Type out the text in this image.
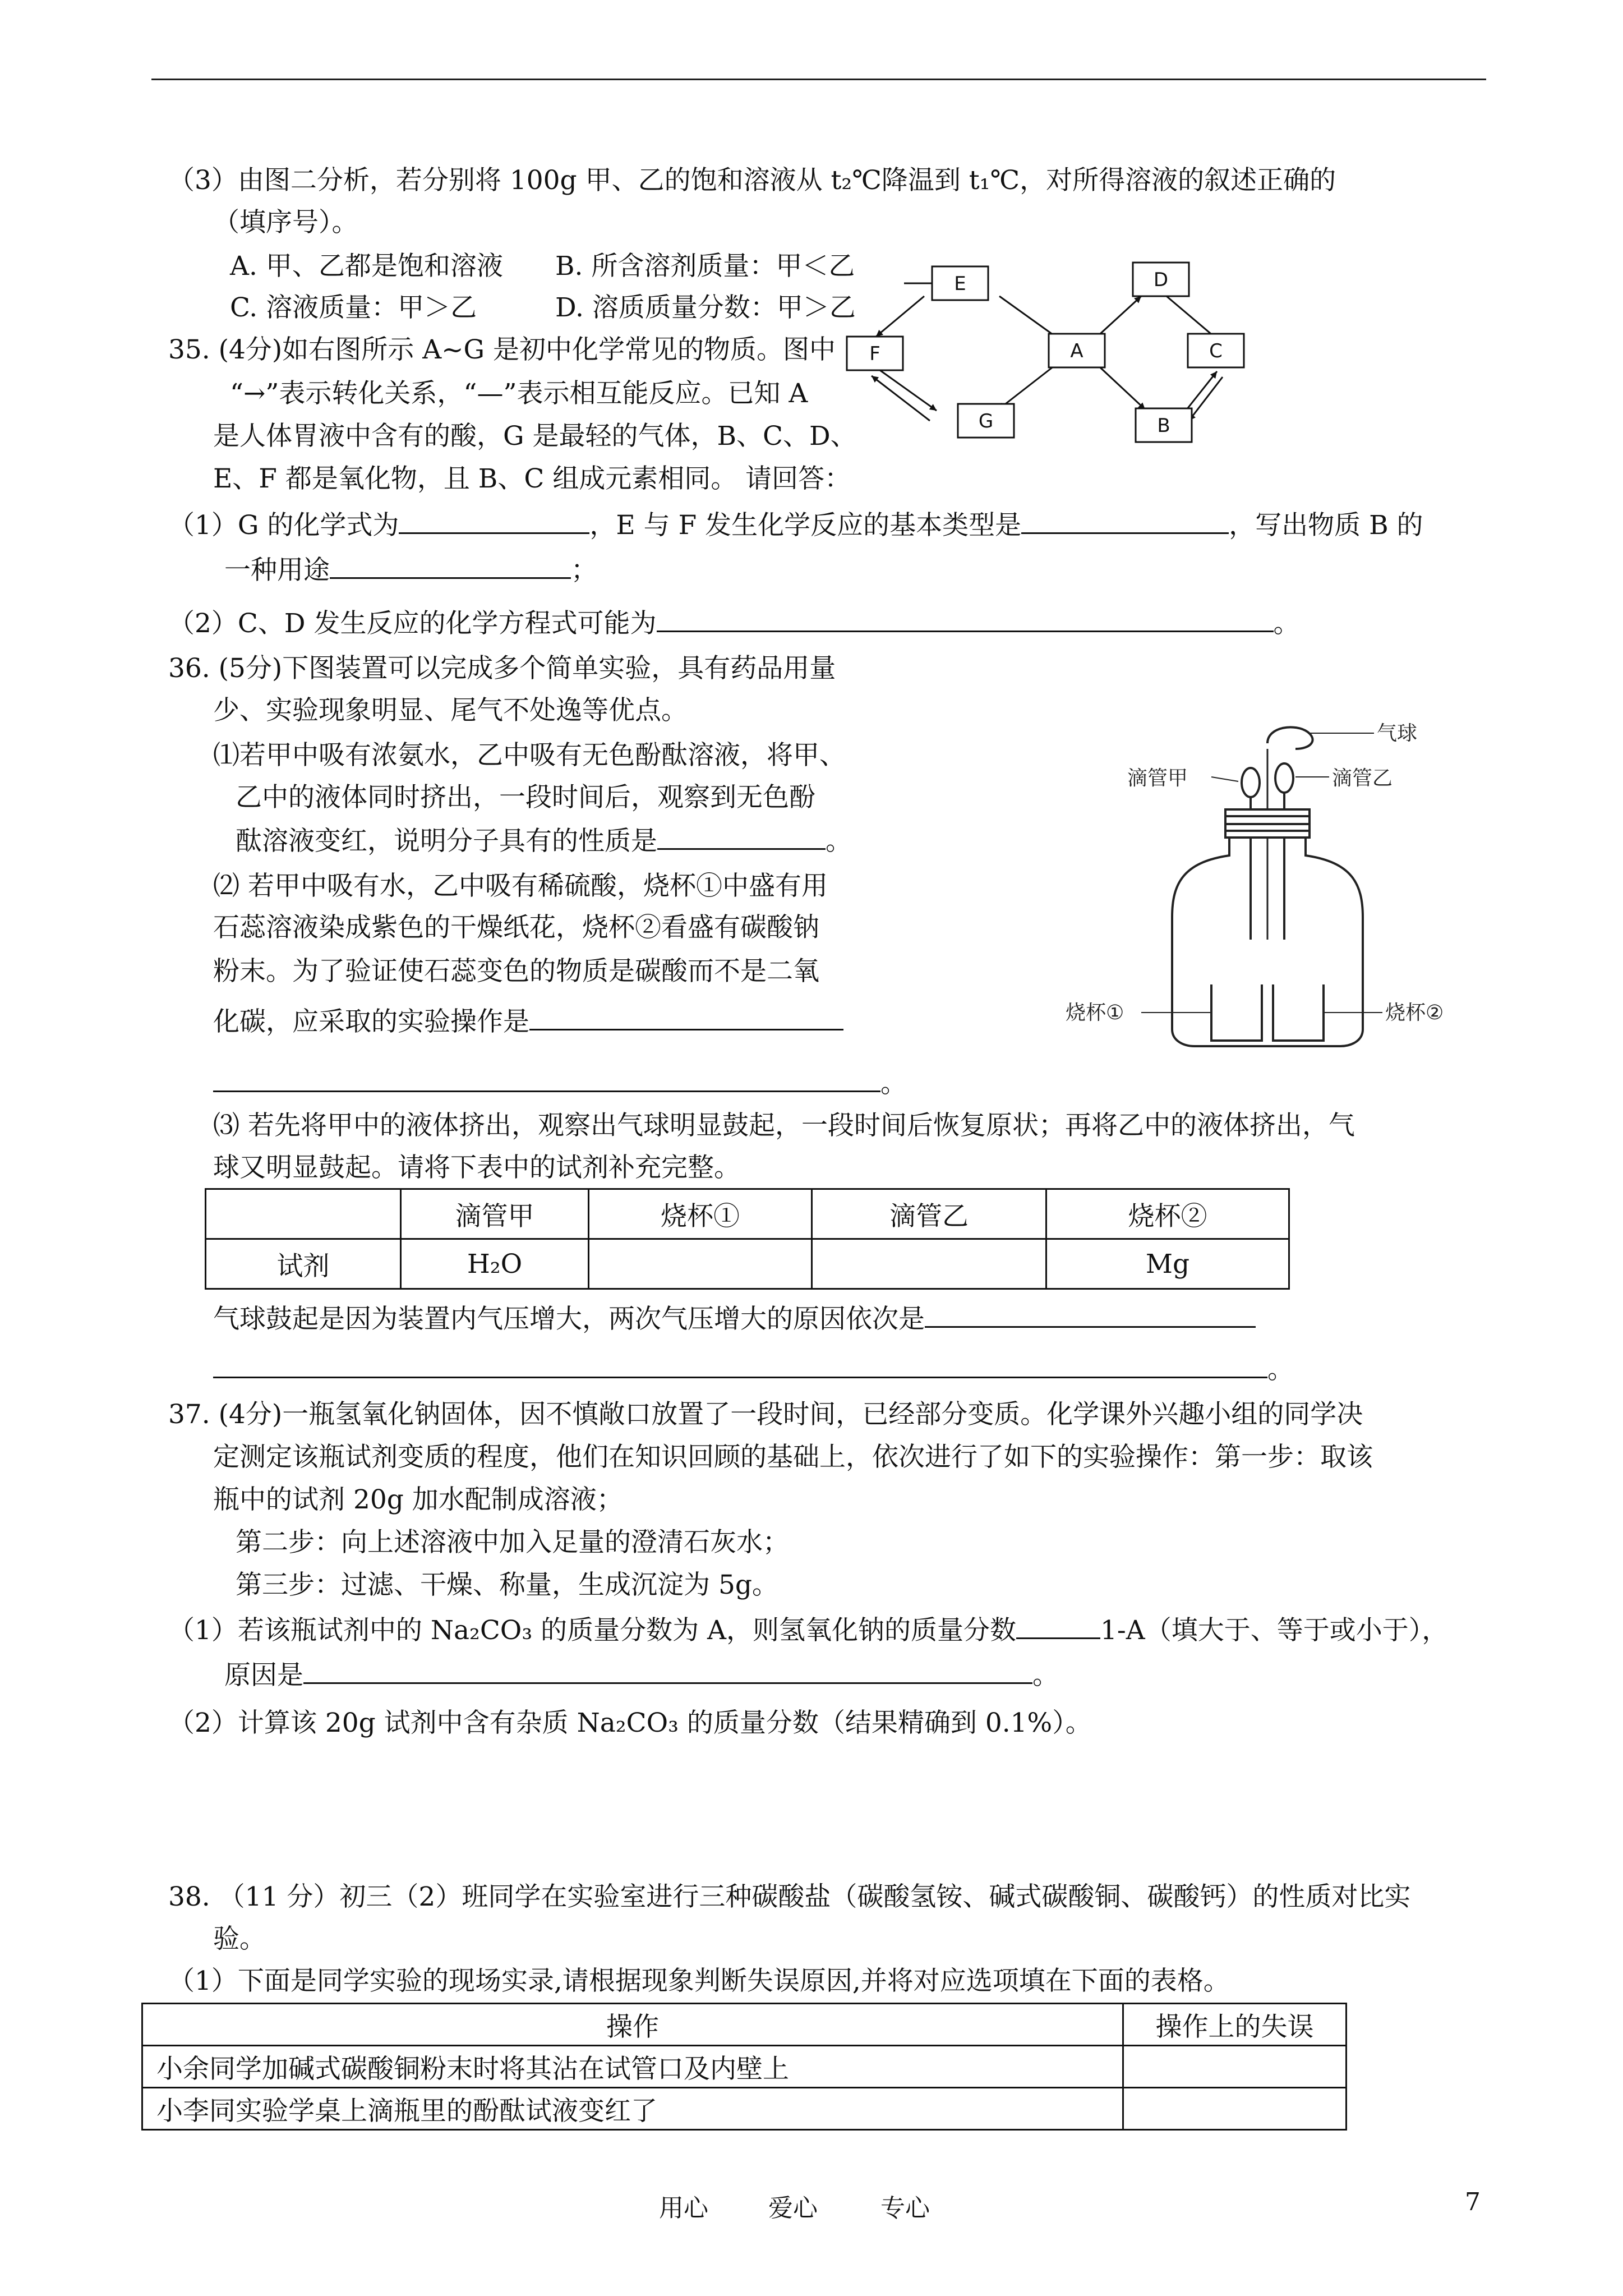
（3）由图二分析，若分别将 100g 甲、乙的饱和溶液从 t₂℃降温到 t₁℃，对所得溶液的叙述正确的
（填序号）。
A. 甲、乙都是饱和溶液 B. 所含溶剂质量：甲＜乙
C. 溶液质量：甲＞乙	D. 溶质质量分数：甲＞乙
35. (4分)如右图所示 A~G 是初中化学常见的物质。图中
“→”表示转化关系，“—”表示相互能反应。已知 A
是人体胃液中含有的酸，G 是最轻的气体，B、C、D、
E、F 都是氧化物，且 B、C 组成元素相同。 请回答：
E	D
F	A	C
G	B
（1）G 的化学式为	，E 与 F 发生化学反应的基本类型是	，写出物质 B 的
一种用途	；
（2）C、D 发生反应的化学方程式可能为	。
36. (5分)下图装置可以完成多个简单实验，具有药品用量
少、实验现象明显、尾气不处逸等优点。
⑴若甲中吸有浓氨水，乙中吸有无色酚酞溶液，将甲、
乙中的液体同时挤出，一段时间后，观察到无色酚
酞溶液变红，说明分子具有的性质是	。
⑵ 若甲中吸有水，乙中吸有稀硫酸，烧杯①中盛有用
石蕊溶液染成紫色的干燥纸花，烧杯②看盛有碳酸钠
粉末。为了验证使石蕊变色的物质是碳酸而不是二氧
化碳，应采取的实验操作是
。
气球
滴管甲	滴管乙
烧杯①	烧杯②
⑶ 若先将甲中的液体挤出，观察出气球明显鼓起，一段时间后恢复原状；再将乙中的液体挤出，气
球又明显鼓起。请将下表中的试剂补充完整。
	滴管甲	烧杯①	滴管乙	烧杯②
试剂	H₂O			Mg
气球鼓起是因为装置内气压增大，两次气压增大的原因依次是
。
37. (4分)一瓶氢氧化钠固体，因不慎敞口放置了一段时间，已经部分变质。化学课外兴趣小组的同学决
定测定该瓶试剂变质的程度，他们在知识回顾的基础上，依次进行了如下的实验操作：第一步：取该
瓶中的试剂 20g 加水配制成溶液；
第二步：向上述溶液中加入足量的澄清石灰水；
第三步：过滤、干燥、称量，生成沉淀为 5g。
（1）若该瓶试剂中的 Na₂CO₃ 的质量分数为 A，则氢氧化钠的质量分数	1-A（填大于、等于或小于），
原因是	。
（2）计算该 20g 试剂中含有杂质 Na₂CO₃ 的质量分数（结果精确到 0.1%）。
38. （11 分）初三（2）班同学在实验室进行三种碳酸盐（碳酸氢铵、碱式碳酸铜、碳酸钙）的性质对比实
验。
（1）下面是同学实验的现场实录,请根据现象判断失误原因,并将对应选项填在下面的表格。
操作	操作上的失误
小余同学加碱式碳酸铜粉末时将其沾在试管口及内壁上	
小李同实验学桌上滴瓶里的酚酞试液变红了	
用心 爱心	专心	7
